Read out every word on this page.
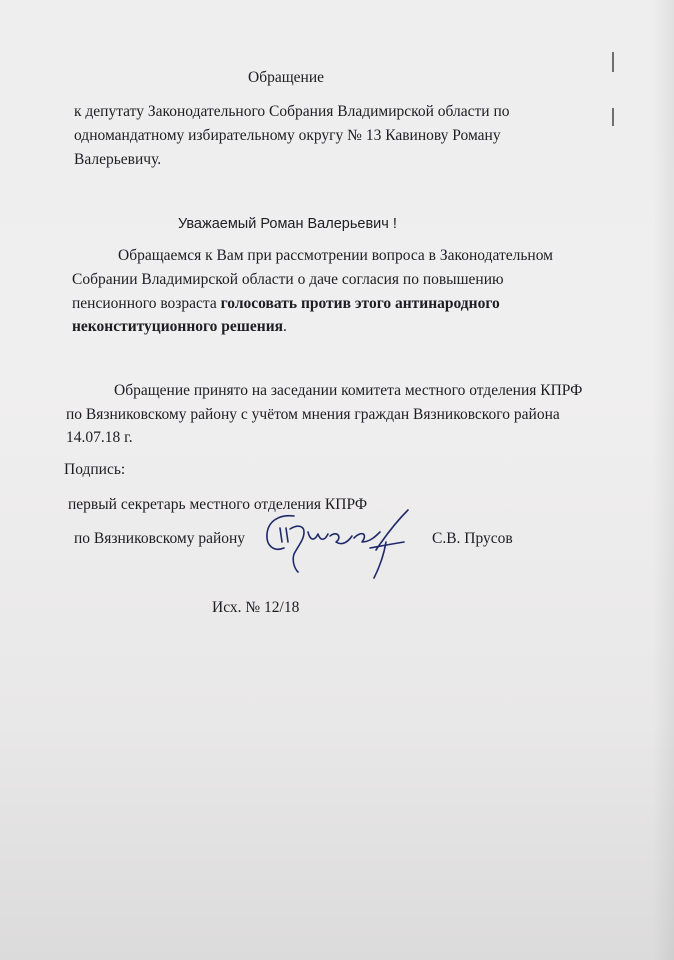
Обращение
к депутату Законодательного Собрания Владимирской области по
одномандатному избирательному округу № 13 Кавинову Роману
Валерьевичу.
Уважаемый Роман Валерьевич !
Обращаемся к Вам при рассмотрении вопроса в Законодательном
Собрании Владимирской области о даче согласия по повышению
пенсионного возраста голосовать против этого антинародного
неконституционного решения.
Обращение принято на заседании комитета местного отделения КПРФ
по Вязниковскому району с учётом мнения граждан Вязниковского района
14.07.18 г.
Подпись:
первый секретарь местного отделения КПРФ
по Вязниковскому району	С.В. Прусов
Исх. № 12/18
